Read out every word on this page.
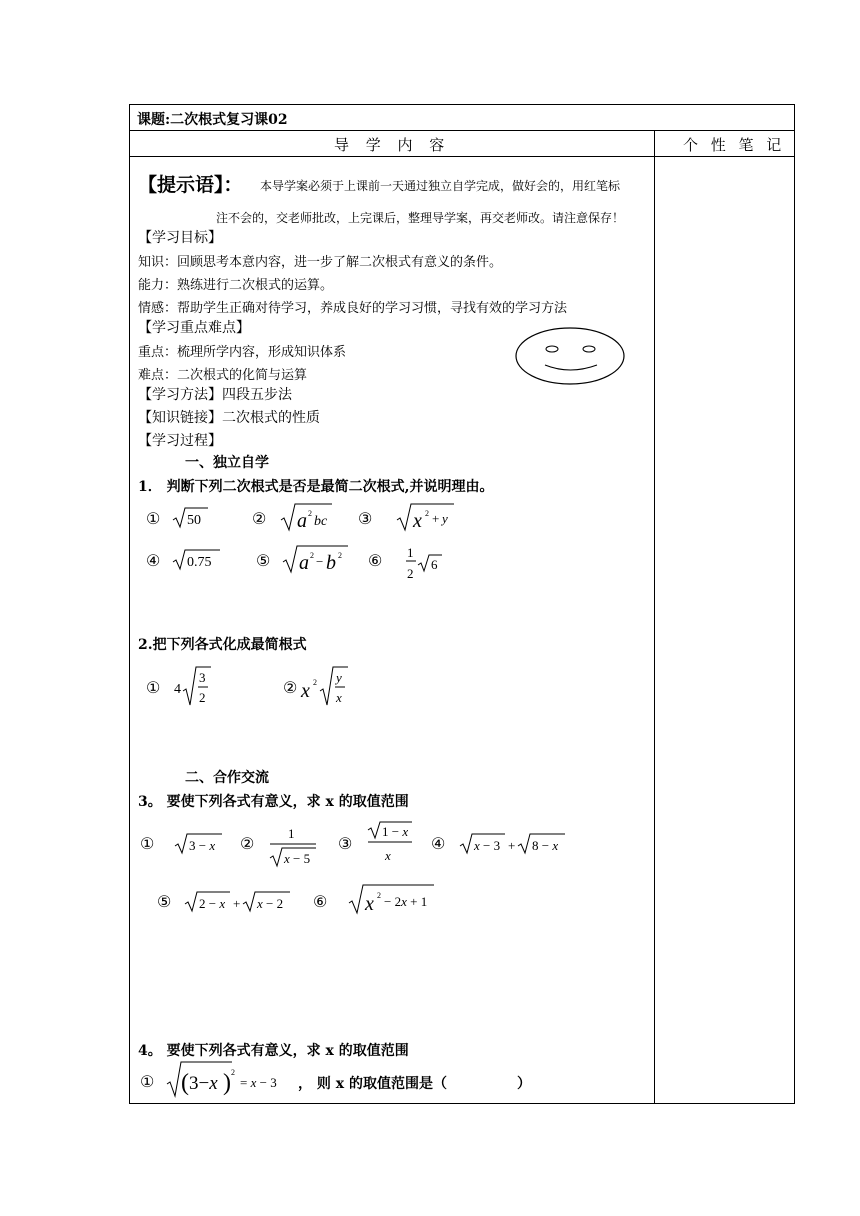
课题:二次根式复习课02
导 学 内 容	个 性 笔 记
【提示语】： 本导学案必须于上课前一天通过独立自学完成，做好会的，用红笔标
注不会的，交老师批改，上完课后，整理导学案，再交老师改。请注意保存！
【学习目标】
知识：回顾思考本意内容，进一步了解二次根式有意义的条件。
能力：熟练进行二次根式的运算。
情感：帮助学生正确对待学习，养成良好的学习习惯，寻找有效的学习方法
【学习重点难点】
重点：梳理所学内容，形成知识体系
难点：二次根式的化简与运算
【学习方法】四段五步法
【知识链接】二次根式的性质
【学习过程】
一、独立自学
1． 判断下列二次根式是否是最简二次根式,并说明理由。
① 50	② a 2
bc ③ x 2 + y
④ 0.75	⑤ a 2 − b 2 ⑥ 1
2
6
2.把下列各式化成最简根式
① 4
3
2
② x 2 y
x
二、合作交流
3。 要使下列各式有意义，求 x 的取值范围
①	3 − x ②
1
x − 5
③
1 − x
x
④ x − 3 + 8 − x
⑤ 2 − x + x − 2 ⑥ x 2 − 2x + 1
4。 要使下列各式有意义，求 x 的取值范围
① ( 3−x ) 2
= x − 3 ， 则 x 的取值范围是（　　　　　）
